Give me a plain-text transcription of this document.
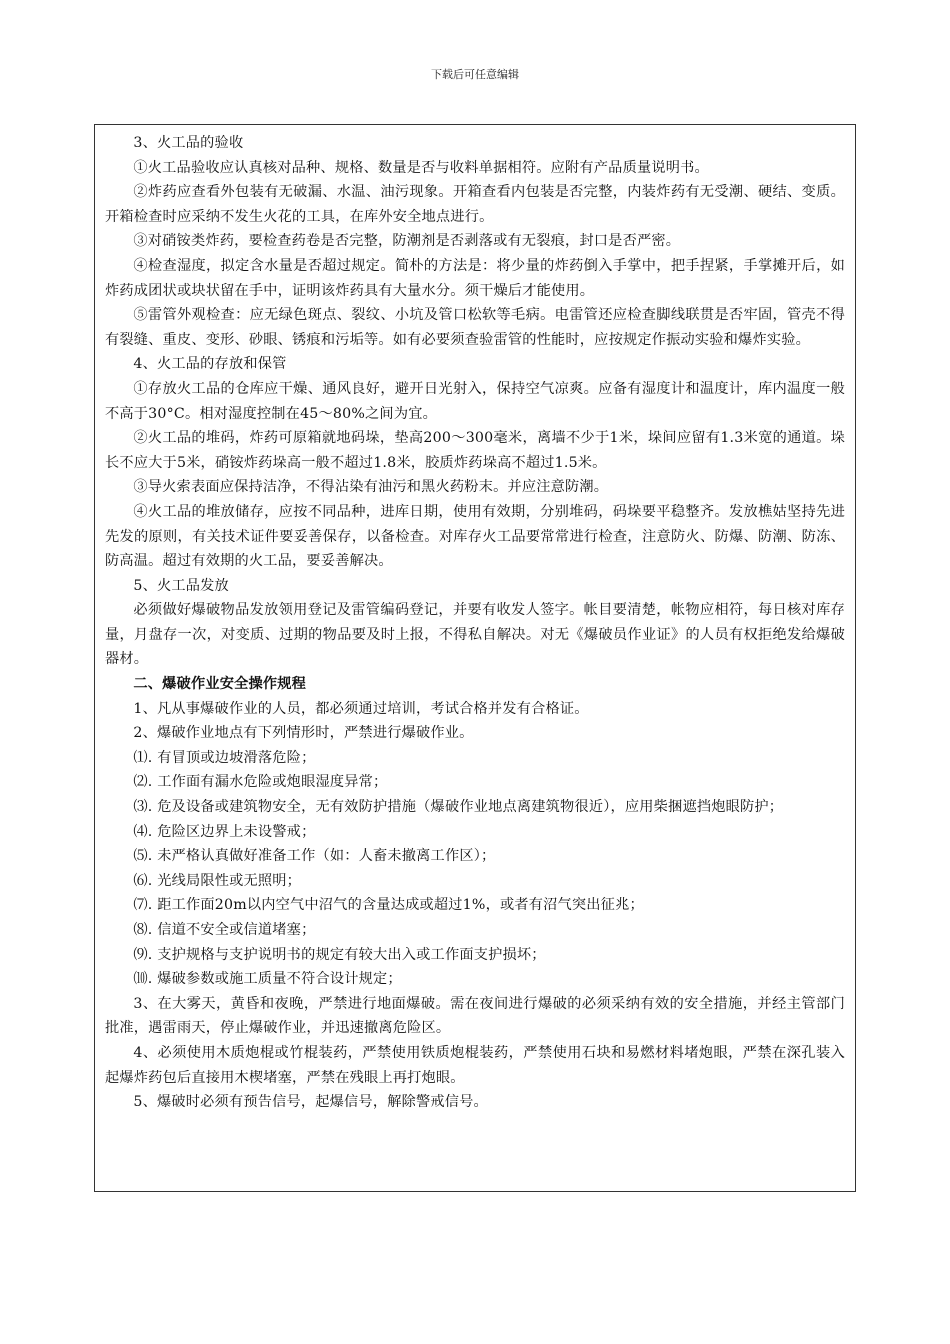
下载后可任意编辑

3、火工品的验收

①火工品验收应认真核对品种、规格、数量是否与收料单据相符。应附有产品质量说明书。

②炸药应查看外包装有无破漏、水温、油污现象。开箱查看内包装是否完整，内装炸药有无受潮、硬结、变质。开箱检查时应采纳不发生火花的工具，在库外安全地点进行。

③对硝铵类炸药，要检查药卷是否完整，防潮剂是否剥落或有无裂痕，封口是否严密。

④检查湿度，拟定含水量是否超过规定。简朴的方法是：将少量的炸药倒入手掌中，把手捏紧，手掌摊开后，如炸药成团状或块状留在手中，证明该炸药具有大量水分。须干燥后才能使用。

⑤雷管外观检查：应无绿色斑点、裂纹、小坑及管口松软等毛病。电雷管还应检查脚线联贯是否牢固，管壳不得有裂缝、重皮、变形、砂眼、锈痕和污垢等。如有必要须查验雷管的性能时，应按规定作振动实验和爆炸实验。

4、火工品的存放和保管

①存放火工品的仓库应干燥、通风良好，避开日光射入，保持空气凉爽。应备有湿度计和温度计，库内温度一般不高于30°C。相对湿度控制在45～80%之间为宜。

②火工品的堆码，炸药可原箱就地码垛，垫高200～300毫米，离墙不少于1米，垛间应留有1.3米宽的通道。垛长不应大于5米，硝铵炸药垛高一般不超过1.8米，胶质炸药垛高不超过1.5米。

③导火索表面应保持洁净，不得沾染有油污和黑火药粉末。并应注意防潮。

④火工品的堆放储存，应按不同品种，进库日期，使用有效期，分别堆码，码垛要平稳整齐。发放樵姑坚持先进先发的原则，有关技术证件要妥善保存，以备检查。对库存火工品要常常进行检查，注意防火、防爆、防潮、防冻、防高温。超过有效期的火工品，要妥善解决。

5、火工品发放

必须做好爆破物品发放领用登记及雷管编码登记，并要有收发人签字。帐目要清楚，帐物应相符，每日核对库存量，月盘存一次，对变质、过期的物品要及时上报，不得私自解决。对无《爆破员作业证》的人员有权拒绝发给爆破器材。

二、爆破作业安全操作规程

1、凡从事爆破作业的人员，都必须通过培训，考试合格并发有合格证。

2、爆破作业地点有下列情形时，严禁进行爆破作业。

⑴. 有冒顶或边坡滑落危险；

⑵. 工作面有漏水危险或炮眼湿度异常；

⑶. 危及设备或建筑物安全，无有效防护措施（爆破作业地点离建筑物很近），应用柴捆遮挡炮眼防护；

⑷. 危险区边界上未设警戒；

⑸. 未严格认真做好准备工作（如：人畜未撤离工作区）；

⑹. 光线局限性或无照明；

⑺. 距工作面20m以内空气中沼气的含量达成或超过1%，或者有沼气突出征兆；

⑻. 信道不安全或信道堵塞；

⑼. 支护规格与支护说明书的规定有较大出入或工作面支护损坏；

⑽. 爆破参数或施工质量不符合设计规定；

3、在大雾天，黄昏和夜晚，严禁进行地面爆破。需在夜间进行爆破的必须采纳有效的安全措施，并经主管部门批准，遇雷雨天，停止爆破作业，并迅速撤离危险区。

4、必须使用木质炮棍或竹棍装药，严禁使用铁质炮棍装药，严禁使用石块和易燃材料堵炮眼，严禁在深孔装入起爆炸药包后直接用木楔堵塞，严禁在残眼上再打炮眼。

5、爆破时必须有预告信号，起爆信号，解除警戒信号。
